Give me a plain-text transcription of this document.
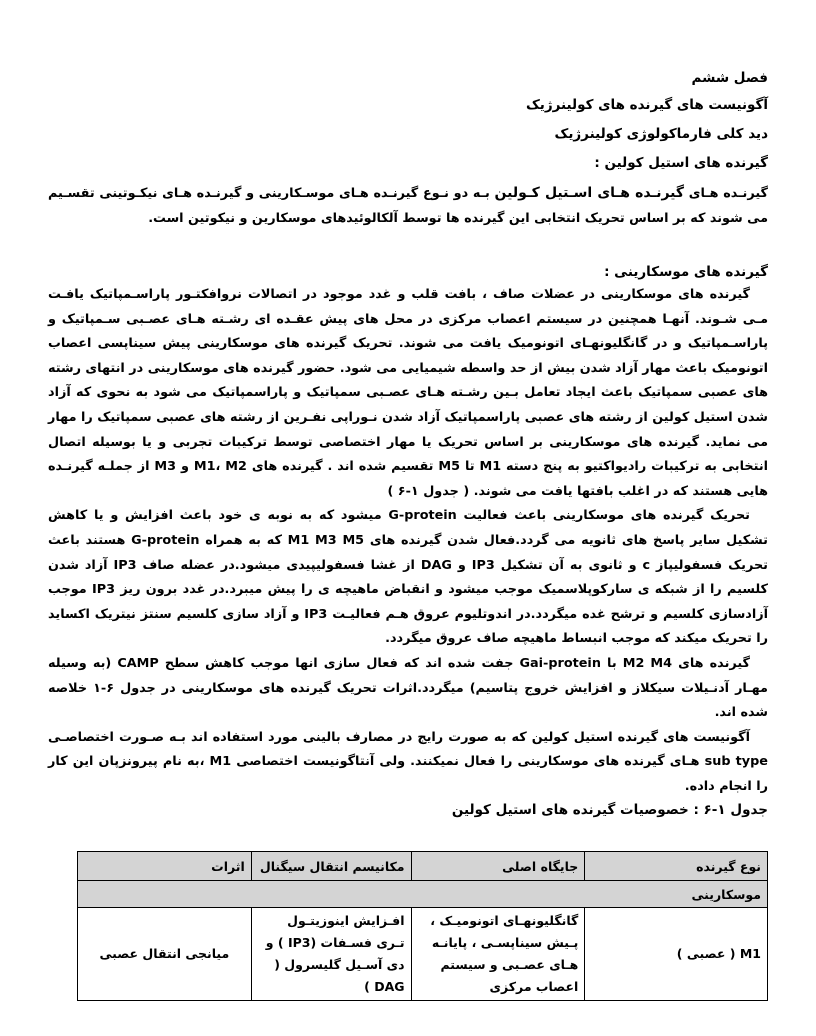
فصل ششم
آگونیست های گیرنده های کولینرژیک
دید کلی فارماکولوژی کولینرژیک
گیرنده های استیل کولین :

گیرنـده هـای گیرنـده هـای اسـتیل کـولین بـه دو نـوع گیرنـده هـای موسـکارینی و گیرنـده هـای نیکـوتینی تقسـیم می شوند که بر اساس تحریک انتخابی این گیرنده ها توسط آلکالوئیدهای موسکارین و نیکوتین است.

گیرنده های موسکارینی :

گیرنده های موسکارینی در عضلات صاف ، بافت قلب و غدد موجود در اتصالات نروافکتـور پاراسـمپاتیک یافـت مـی شـوند. آنهـا همچنین در سیستم اعصاب مرکزی در محل های پیش عقـده ای رشـته هـای عصـبی سـمپاتیک و پاراسـمپاتیک و در گانگلیونهـای اتونومیک یافت می شوند. تحریک گیرنده های موسکارینی پیش سیناپسی اعصاب اتونومیک باعث مهار آزاد شدن بیش از حد واسطه شیمیایی می شود. حضور گیرنده های موسکارینی در انتهای رشته های عصبی سمپاتیک باعث ایجاد تعامل بـین رشـته هـای عصـبی سمپاتیک و پاراسمپاتیک می شود به نحوی که آزاد شدن استیل کولین از رشته های عصبی پاراسمپاتیک آزاد شدن نـوراپی نفـرین از رشته های عصبی سمپاتیک را مهار می نماید. گیرنده های موسکارینی بر اساس تحریک یا مهار اختصاصی توسط ترکیبات تجربی و یا بوسیله اتصال انتخابی به ترکیبات رادیواکتیو به پنج دسته M1 تا M5 تقسیم شده اند . گیرنده های M1، M2 و M3 از جملـه گیرنـده هایی هستند که در اغلب بافتها یافت می شوند. ( جدول ۱-۶ )

تحریک گیرنده های موسکارینی باعث فعالیت G-protein میشود که به نوبه ی خود باعث افزایش و یا کاهش تشکیل سایر پاسخ های ثانویه می گردد.فعال شدن گیرنده های M1 M3 M5 که به همراه G-protein هستند باعث تحریک فسفولیپاز c و ثانوی به آن تشکیل IP3 و DAG از غشا فسفولیپیدی میشود.در عضله صاف IP3 آزاد شدن کلسیم را از شبکه ی سارکوپلاسمیک موجب میشود و انقباض ماهیچه ی را پیش میبرد.در غدد برون ریز IP3 موجب آزادسازی کلسیم و ترشح غده میگردد.در اندوتلیوم عروق هـم فعالیـت IP3 و آزاد سازی کلسیم سنتز نیتریک اکساید را تحریک میکند که موجب انبساط ماهیچه صاف عروق میگردد.

گیرنده های M2 M4 با Gai-protein جفت شده اند که فعال سازی انها موجب کاهش سطح CAMP (به وسیله مهـار آدنـیلات سیکلاز و افزایش خروج پتاسیم) میگردد.اثرات تحریک گیرنده های موسکارینی در جدول ۶-۱ خلاصه شده اند.

آگونیست های گیرنده استیل کولین که به صورت رایج در مصارف بالینی مورد استفاده اند بـه صـورت اختصاصـی sub type هـای گیرنده های موسکارینی را فعال نمیکنند. ولی آنتاگونیست اختصاصی M1 ،به نام پیرونزپان این کار را انجام داده.

جدول ۱-۶ : خصوصیات گیرنده های استیل کولین
نوع گیرنده	جایگاه اصلی	مکانیسم انتقال سیگنال	اثرات
موسکارینی			
M1 ( عصبی )	گانگلیونهـای اتونومیـک ، پـیش سیناپسـی ، پایانـه هـای عصـبی و سیستم اعصاب مرکزی	افـزایش اینوزیتـول تـری فسـفات (IP3 ) و دی آسـیل گلیسرول ( DAG )	میانجی انتقال عصبی
